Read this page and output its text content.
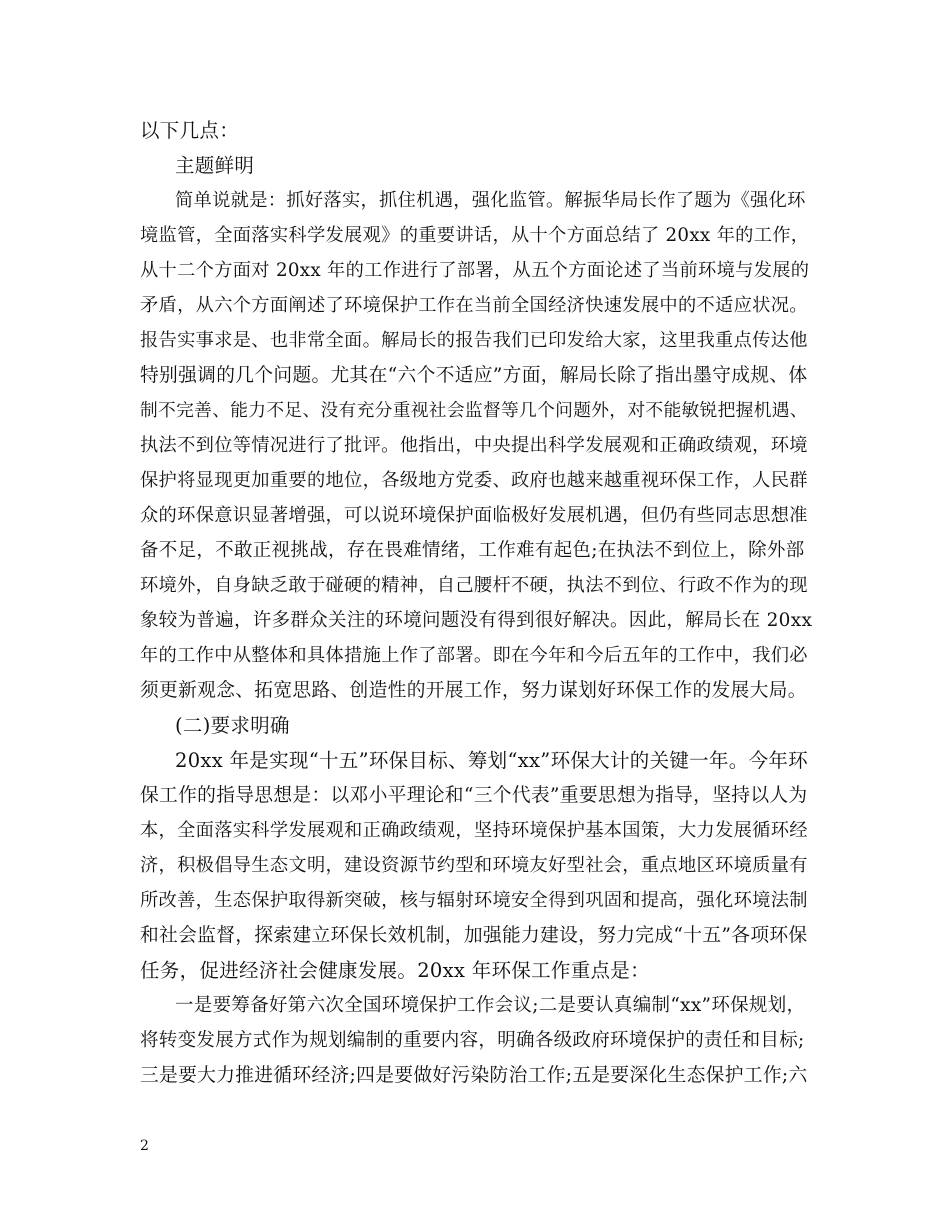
以下几点：
主题鲜明
简单说就是：抓好落实，抓住机遇，强化监管。解振华局长作了题为《强化环
境监管，全面落实科学发展观》的重要讲话，从十个方面总结了 20xx 年的工作，
从十二个方面对 20xx 年的工作进行了部署，从五个方面论述了当前环境与发展的
矛盾，从六个方面阐述了环境保护工作在当前全国经济快速发展中的不适应状况。
报告实事求是、也非常全面。解局长的报告我们已印发给大家，这里我重点传达他
特别强调的几个问题。尤其在“六个不适应”方面，解局长除了指出墨守成规、体
制不完善、能力不足、没有充分重视社会监督等几个问题外，对不能敏锐把握机遇、
执法不到位等情况进行了批评。他指出，中央提出科学发展观和正确政绩观，环境
保护将显现更加重要的地位，各级地方党委、政府也越来越重视环保工作，人民群
众的环保意识显著增强，可以说环境保护面临极好发展机遇，但仍有些同志思想准
备不足，不敢正视挑战，存在畏难情绪，工作难有起色;在执法不到位上，除外部
环境外，自身缺乏敢于碰硬的精神，自己腰杆不硬，执法不到位、行政不作为的现
象较为普遍，许多群众关注的环境问题没有得到很好解决。因此，解局长在 20xx
年的工作中从整体和具体措施上作了部署。即在今年和今后五年的工作中，我们必
须更新观念、拓宽思路、创造性的开展工作，努力谋划好环保工作的发展大局。
(二)要求明确
20xx 年是实现“十五”环保目标、筹划“xx”环保大计的关键一年。今年环
保工作的指导思想是：以邓小平理论和“三个代表”重要思想为指导，坚持以人为
本，全面落实科学发展观和正确政绩观，坚持环境保护基本国策，大力发展循环经
济，积极倡导生态文明，建设资源节约型和环境友好型社会，重点地区环境质量有
所改善，生态保护取得新突破，核与辐射环境安全得到巩固和提高，强化环境法制
和社会监督，探索建立环保长效机制，加强能力建设，努力完成“十五”各项环保
任务，促进经济社会健康发展。20xx 年环保工作重点是：
一是要筹备好第六次全国环境保护工作会议;二是要认真编制“xx”环保规划，
将转变发展方式作为规划编制的重要内容，明确各级政府环境保护的责任和目标;
三是要大力推进循环经济;四是要做好污染防治工作;五是要深化生态保护工作;六
2
